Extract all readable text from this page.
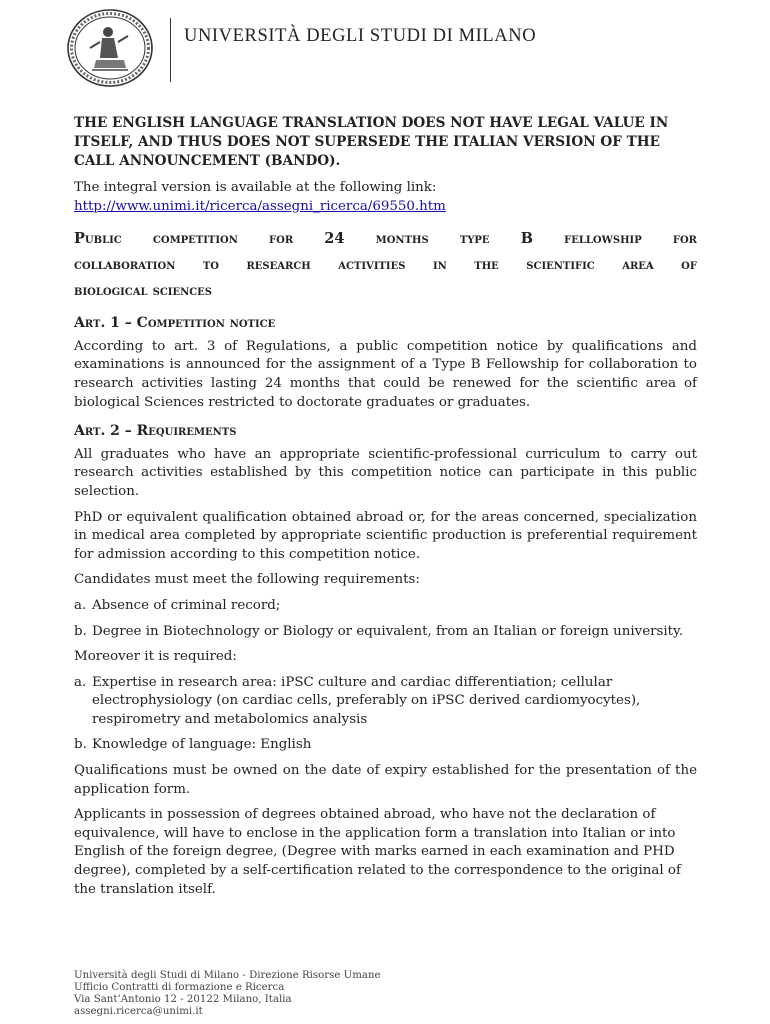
UNIVERSITÀ DEGLI STUDI DI MILANO

THE ENGLISH LANGUAGE TRANSLATION DOES NOT HAVE LEGAL VALUE IN ITSELF, AND THUS DOES NOT SUPERSEDE THE ITALIAN VERSION OF THE CALL ANNOUNCEMENT (BANDO).

The integral version is available at the following link:
http://www.unimi.it/ricerca/assegni_ricerca/69550.htm
Public competition for 24 months type B fellowship for
collaboration to research activities in the scientific area of
biological sciences
Art. 1 – Competition notice

According to art. 3 of Regulations, a public competition notice by qualifications and examinations is announced for the assignment of a Type B Fellowship for collaboration to research activities lasting 24 months that could be renewed for the scientific area of biological Sciences restricted to doctorate graduates or graduates.

Art. 2 – Requirements

All graduates who have an appropriate scientific-professional curriculum to carry out research activities established by this competition notice can participate in this public selection.

PhD or equivalent qualification obtained abroad or, for the areas concerned, specialization in medical area completed by appropriate scientific production is preferential requirement for admission according to this competition notice.

Candidates must meet the following requirements:

a. Absence of criminal record;
b. Degree in Biotechnology or Biology or equivalent, from an Italian or foreign university.

Moreover it is required:

a. Expertise in research area: iPSC culture and cardiac differentiation; cellular electrophysiology (on cardiac cells, preferably on iPSC derived cardiomyocytes), respirometry and metabolomics analysis
b. Knowledge of language: English

Qualifications must be owned on the date of expiry established for the presentation of the application form.

Applicants in possession of degrees obtained abroad, who have not the declaration of equivalence, will have to enclose in the application form a translation into Italian or into English of the foreign degree, (Degree with marks earned in each examination and PHD degree), completed by a self-certification related to the correspondence to the original of the translation itself.

Università degli Studi di Milano - Direzione Risorse Umane
Ufficio Contratti di formazione e Ricerca
Via Sant’Antonio 12 - 20122 Milano, Italia
assegni.ricerca@unimi.it
